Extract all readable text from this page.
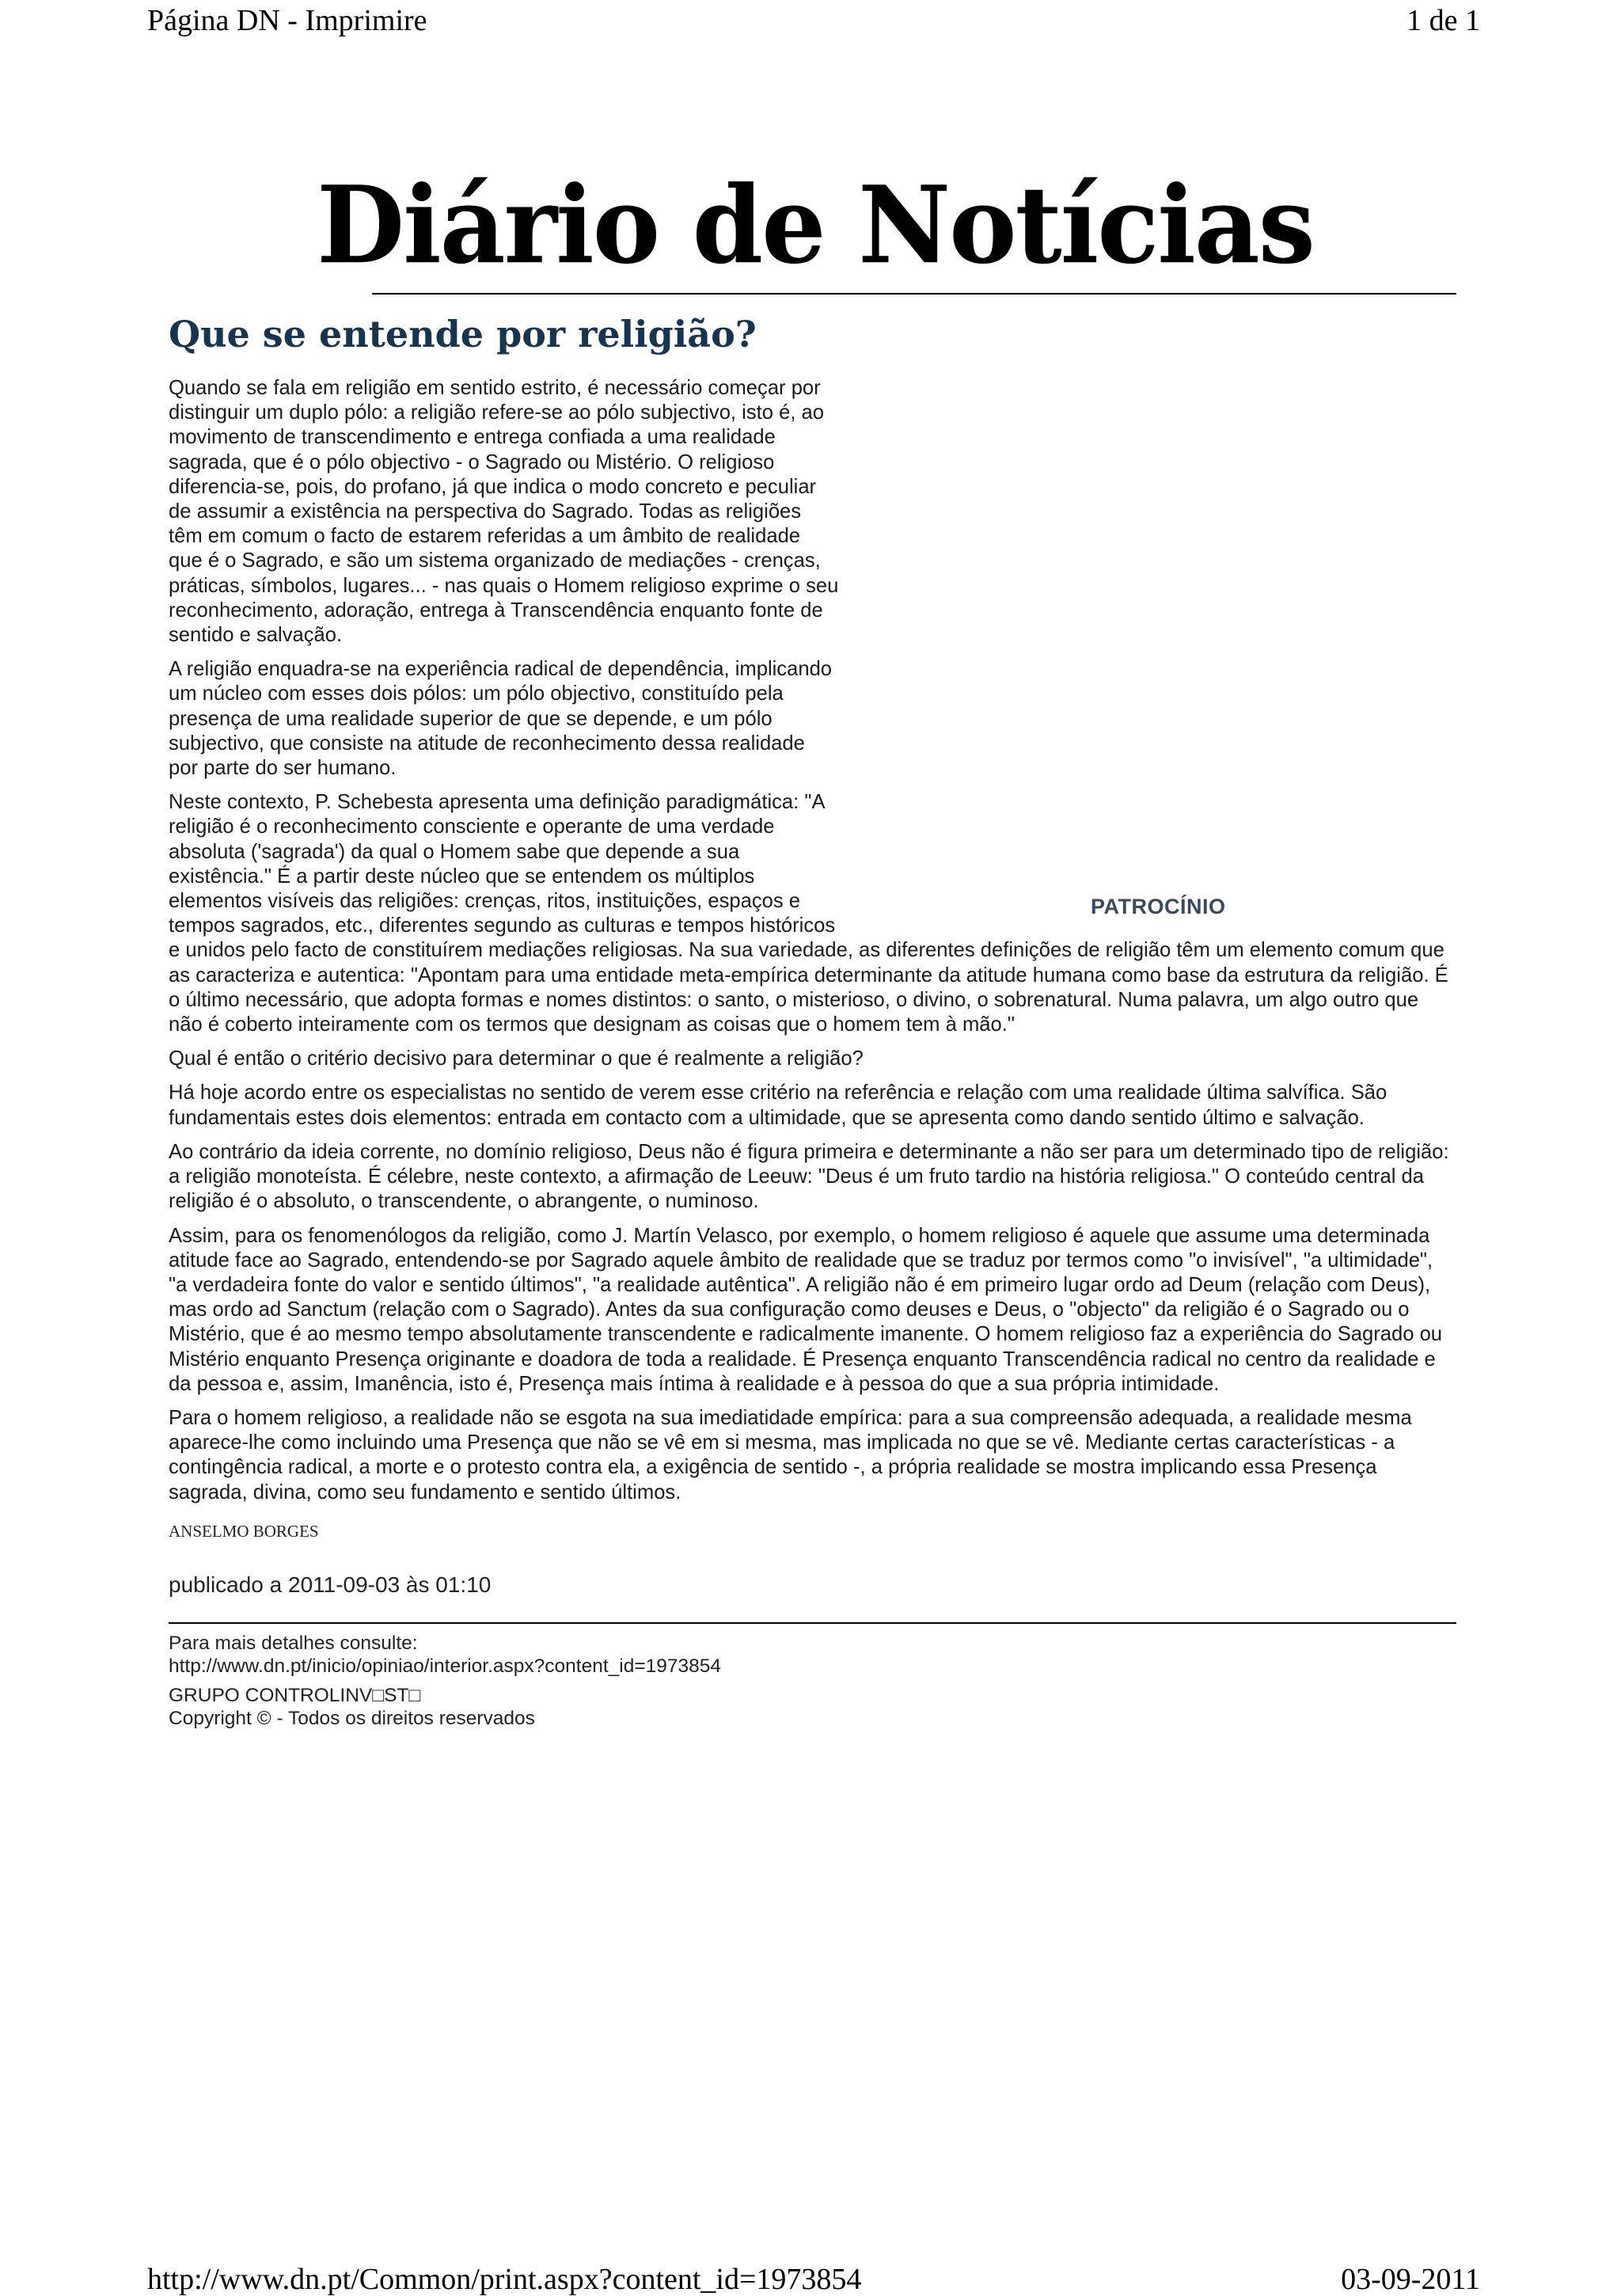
Página DN - Imprimire	1 de 1
Diário de Notícias
Que se entende por religião?
PATROCÍNIO

Quando se fala em religião em sentido estrito, é necessário começar por distinguir um duplo pólo: a religião refere-se ao pólo subjectivo, isto é, ao movimento de transcendimento e entrega confiada a uma realidade sagrada, que é o pólo objectivo - o Sagrado ou Mistério. O religioso diferencia-se, pois, do profano, já que indica o modo concreto e peculiar de assumir a existência na perspectiva do Sagrado. Todas as religiões têm em comum o facto de estarem referidas a um âmbito de realidade que é o Sagrado, e são um sistema organizado de mediações - crenças, práticas, símbolos, lugares... - nas quais o Homem religioso exprime o seu reconhecimento, adoração, entrega à Transcendência enquanto fonte de sentido e salvação.

A religião enquadra-se na experiência radical de dependência, implicando um núcleo com esses dois pólos: um pólo objectivo, constituído pela presença de uma realidade superior de que se depende, e um pólo subjectivo, que consiste na atitude de reconhecimento dessa realidade por parte do ser humano.

Neste contexto, P. Schebesta apresenta uma definição paradigmática: "A religião é o reconhecimento consciente e operante de uma verdade absoluta ('sagrada') da qual o Homem sabe que depende a sua existência." É a partir deste núcleo que se entendem os múltiplos elementos visíveis das religiões: crenças, ritos, instituições, espaços e tempos sagrados, etc., diferentes segundo as culturas e tempos históricos e unidos pelo facto de constituírem mediações religiosas. Na sua variedade, as diferentes definições de religião têm um elemento comum que as caracteriza e autentica: "Apontam para uma entidade meta-empírica determinante da atitude humana como base da estrutura da religião. É o último necessário, que adopta formas e nomes distintos: o santo, o misterioso, o divino, o sobrenatural. Numa palavra, um algo outro que não é coberto inteiramente com os termos que designam as coisas que o homem tem à mão."

Qual é então o critério decisivo para determinar o que é realmente a religião?

Há hoje acordo entre os especialistas no sentido de verem esse critério na referência e relação com uma realidade última salvífica. São fundamentais estes dois elementos: entrada em contacto com a ultimidade, que se apresenta como dando sentido último e salvação.

Ao contrário da ideia corrente, no domínio religioso, Deus não é figura primeira e determinante a não ser para um determinado tipo de religião: a religião monoteísta. É célebre, neste contexto, a afirmação de Leeuw: "Deus é um fruto tardio na história religiosa." O conteúdo central da religião é o absoluto, o transcendente, o abrangente, o numinoso.

Assim, para os fenomenólogos da religião, como J. Martín Velasco, por exemplo, o homem religioso é aquele que assume uma determinada atitude face ao Sagrado, entendendo-se por Sagrado aquele âmbito de realidade que se traduz por termos como "o invisível", "a ultimidade", "a verdadeira fonte do valor e sentido últimos", "a realidade autêntica". A religião não é em primeiro lugar ordo ad Deum (relação com Deus), mas ordo ad Sanctum (relação com o Sagrado). Antes da sua configuração como deuses e Deus, o "objecto" da religião é o Sagrado ou o Mistério, que é ao mesmo tempo absolutamente transcendente e radicalmente imanente. O homem religioso faz a experiência do Sagrado ou Mistério enquanto Presença originante e doadora de toda a realidade. É Presença enquanto Transcendência radical no centro da realidade e da pessoa e, assim, Imanência, isto é, Presença mais íntima à realidade e à pessoa do que a sua própria intimidade.

Para o homem religioso, a realidade não se esgota na sua imediatidade empírica: para a sua compreensão adequada, a realidade mesma aparece-lhe como incluindo uma Presença que não se vê em si mesma, mas implicada no que se vê. Mediante certas características - a contingência radical, a morte e o protesto contra ela, a exigência de sentido -, a própria realidade se mostra implicando essa Presença sagrada, divina, como seu fundamento e sentido últimos.

ANSELMO BORGES

publicado a 2011-09-03 às 01:10

Para mais detalhes consulte:
http://www.dn.pt/inicio/opiniao/interior.aspx?content_id=1973854

GRUPO CONTROLINV□ST□
Copyright © - Todos os direitos reservados

http://www.dn.pt/Common/print.aspx?content_id=1973854	03-09-2011
